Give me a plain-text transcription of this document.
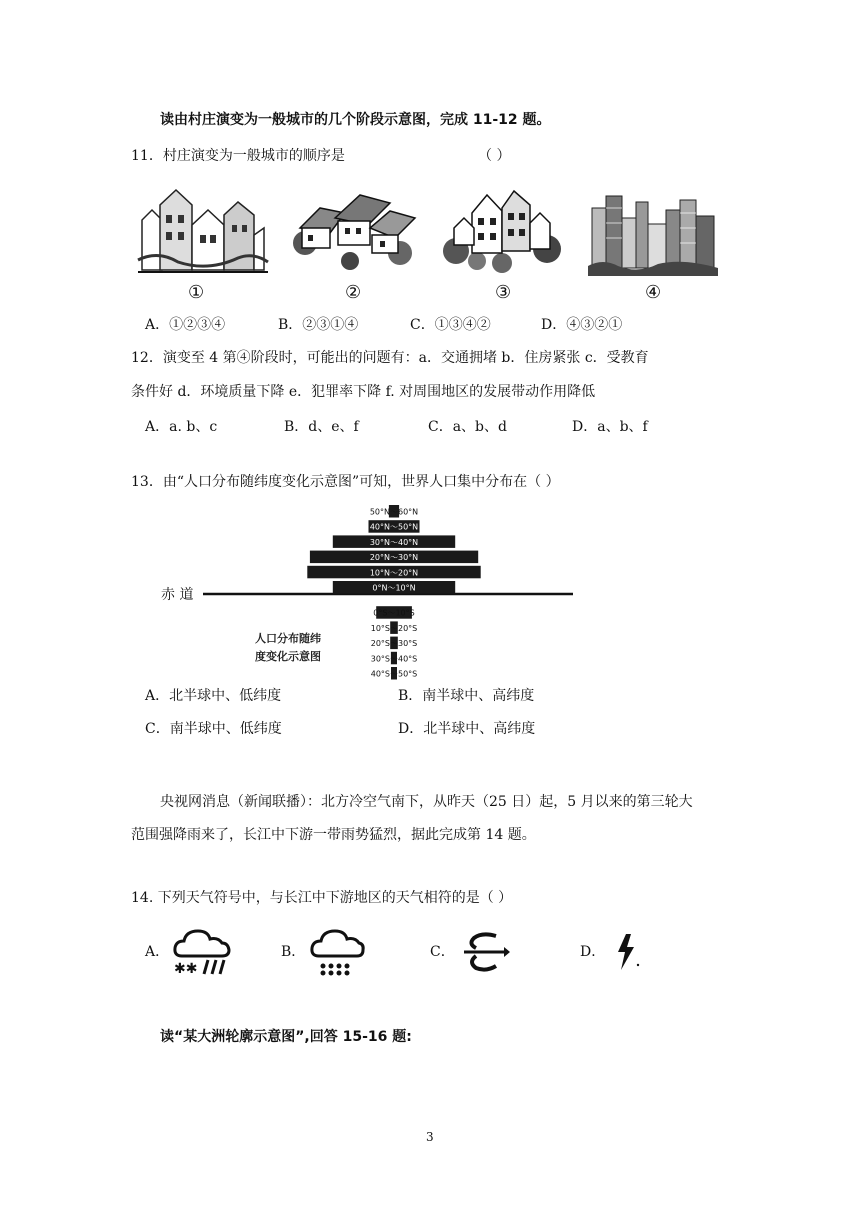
读由村庄演变为一般城市的几个阶段示意图，完成 11-12 题。
11．村庄演变为一般城市的顺序是	（ ）
①	②	③	④
A．①②③④	B．②③①④	C．①③④②	D．④③②①
12．演变至 4 第④阶段时，可能出的问题有：a．交通拥堵 b．住房紧张 c．受教育
条件好 d．环境质量下降 e．犯罪率下降 f. 对周围地区的发展带动作用降低
A．a. b、c	B．d、e、f	C．a、b、d	D．a、b、f
13．由“人口分布随纬度变化示意图”可知，世界人口集中分布在（ ）
赤 道
50°N～60°N
40°N～50°N
30°N～40°N
20°N～30°N
10°N～20°N
0°N～10°N
0°S～10°S
10°S～20°S
20°S～30°S
30°S～40°S
40°S～50°S
人口分布随纬
度变化示意图
A．北半球中、低纬度	B．南半球中、高纬度
C．南半球中、低纬度	D．北半球中、高纬度
央视网消息（新闻联播）：北方冷空气南下，从昨天（25 日）起，5 月以来的第三轮大
范围强降雨来了，长江中下游一带雨势猛烈，据此完成第 14 题。
14. 下列天气符号中，与长江中下游地区的天气相符的是（ ）
A．
✱✱
B．	C．	D．
读“某大洲轮廓示意图”,回答 15-16 题:
3
